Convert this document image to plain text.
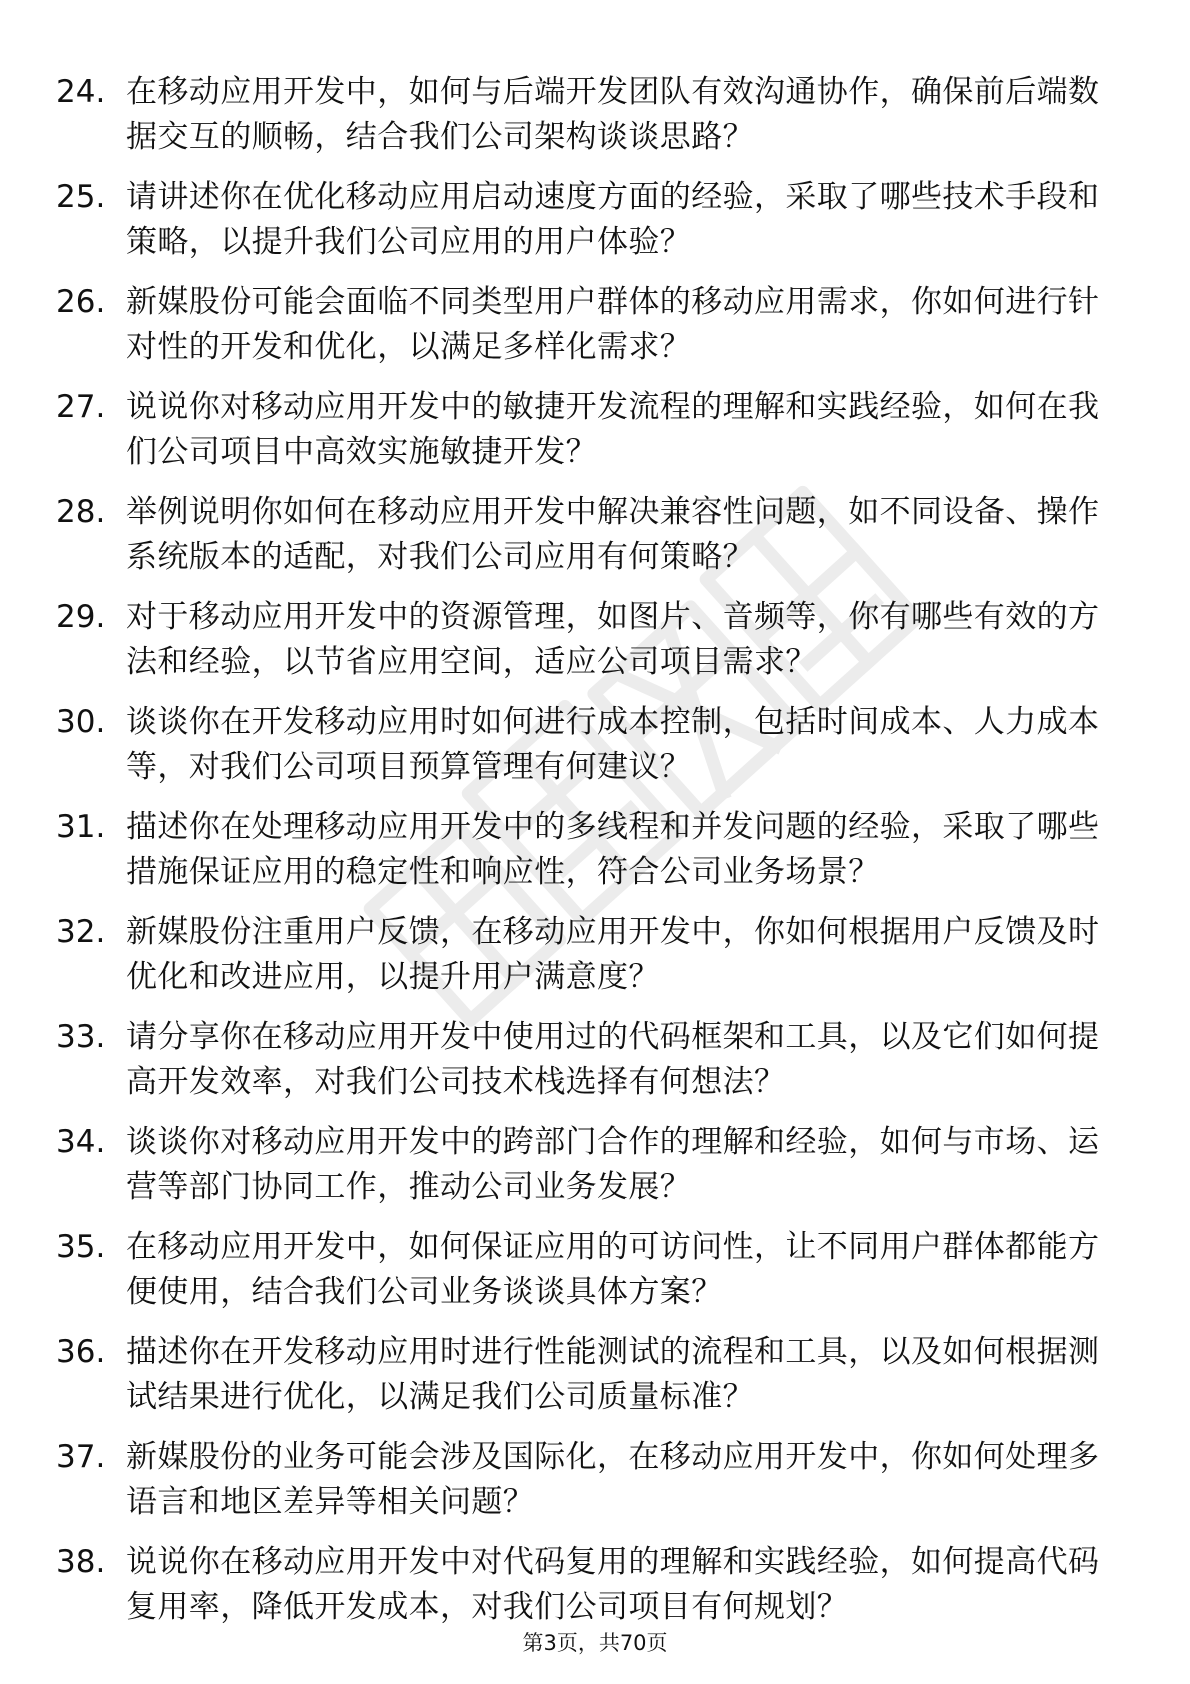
24. 在移动应用开发中，如何与后端开发团队有效沟通协作，确保前后端数据交互的顺畅，结合我们公司架构谈谈思路？
25. 请讲述你在优化移动应用启动速度方面的经验，采取了哪些技术手段和策略，以提升我们公司应用的用户体验？
26. 新媒股份可能会面临不同类型用户群体的移动应用需求，你如何进行针对性的开发和优化，以满足多样化需求？
27. 说说你对移动应用开发中的敏捷开发流程的理解和实践经验，如何在我们公司项目中高效实施敏捷开发？
28. 举例说明你如何在移动应用开发中解决兼容性问题，如不同设备、操作系统版本的适配，对我们公司应用有何策略？
29. 对于移动应用开发中的资源管理，如图片、音频等，你有哪些有效的方法和经验，以节省应用空间，适应公司项目需求？
30. 谈谈你在开发移动应用时如何进行成本控制，包括时间成本、人力成本等，对我们公司项目预算管理有何建议？
31. 描述你在处理移动应用开发中的多线程和并发问题的经验，采取了哪些措施保证应用的稳定性和响应性，符合公司业务场景？
32. 新媒股份注重用户反馈，在移动应用开发中，你如何根据用户反馈及时优化和改进应用，以提升用户满意度？
33. 请分享你在移动应用开发中使用过的代码框架和工具，以及它们如何提高开发效率，对我们公司技术栈选择有何想法？
34. 谈谈你对移动应用开发中的跨部门合作的理解和经验，如何与市场、运营等部门协同工作，推动公司业务发展？
35. 在移动应用开发中，如何保证应用的可访问性，让不同用户群体都能方便使用，结合我们公司业务谈谈具体方案？
36. 描述你在开发移动应用时进行性能测试的流程和工具，以及如何根据测试结果进行优化，以满足我们公司质量标准？
37. 新媒股份的业务可能会涉及国际化，在移动应用开发中，你如何处理多语言和地区差异等相关问题？
38. 说说你在移动应用开发中对代码复用的理解和实践经验，如何提高代码复用率，降低开发成本，对我们公司项目有何规划？
第3页，共70页
